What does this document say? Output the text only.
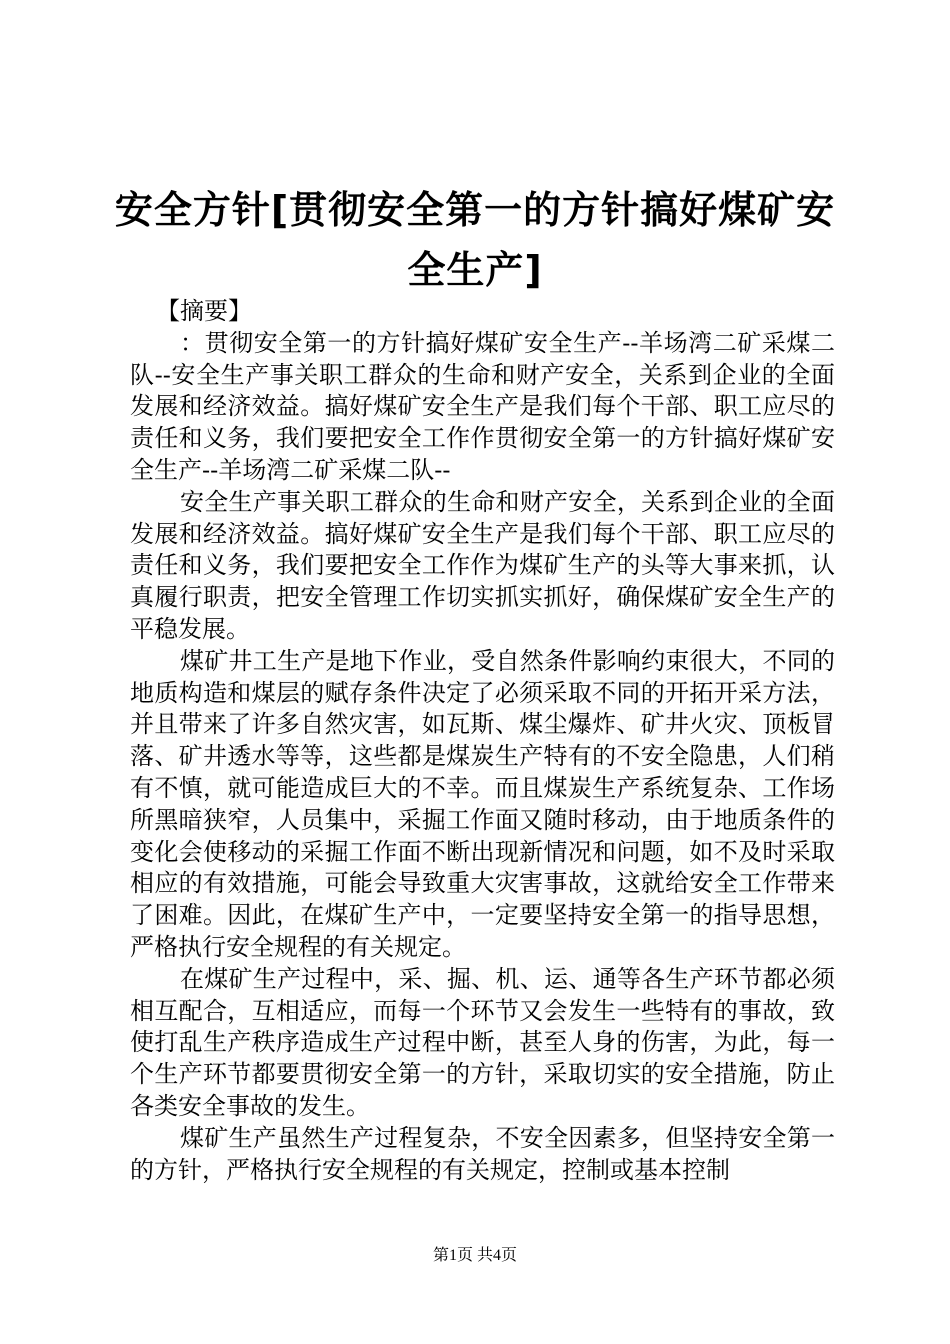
安全方针[贯彻安全第一的方针搞好煤矿安全生产]

【摘要】

：贯彻安全第一的方针搞好煤矿安全生产--羊场湾二矿采煤二队--安全生产事关职工群众的生命和财产安全，关系到企业的全面发展和经济效益。搞好煤矿安全生产是我们每个干部、职工应尽的责任和义务，我们要把安全工作作贯彻安全第一的方针搞好煤矿安全生产--羊场湾二矿采煤二队--

安全生产事关职工群众的生命和财产安全，关系到企业的全面发展和经济效益。搞好煤矿安全生产是我们每个干部、职工应尽的责任和义务，我们要把安全工作作为煤矿生产的头等大事来抓，认真履行职责，把安全管理工作切实抓实抓好，确保煤矿安全生产的平稳发展。

煤矿井工生产是地下作业，受自然条件影响约束很大，不同的地质构造和煤层的赋存条件决定了必须采取不同的开拓开采方法，并且带来了许多自然灾害，如瓦斯、煤尘爆炸、矿井火灾、顶板冒落、矿井透水等等，这些都是煤炭生产特有的不安全隐患，人们稍有不慎，就可能造成巨大的不幸。而且煤炭生产系统复杂、工作场所黑暗狭窄，人员集中，采掘工作面又随时移动，由于地质条件的变化会使移动的采掘工作面不断出现新情况和问题，如不及时采取相应的有效措施，可能会导致重大灾害事故，这就给安全工作带来了困难。因此，在煤矿生产中，一定要坚持安全第一的指导思想，严格执行安全规程的有关规定。

在煤矿生产过程中，采、掘、机、运、通等各生产环节都必须相互配合，互相适应，而每一个环节又会发生一些特有的事故，致使打乱生产秩序造成生产过程中断，甚至人身的伤害，为此，每一个生产环节都要贯彻安全第一的方针，采取切实的安全措施，防止各类安全事故的发生。

煤矿生产虽然生产过程复杂，不安全因素多，但坚持安全第一的方针，严格执行安全规程的有关规定，控制或基本控制

第1页 共4页
